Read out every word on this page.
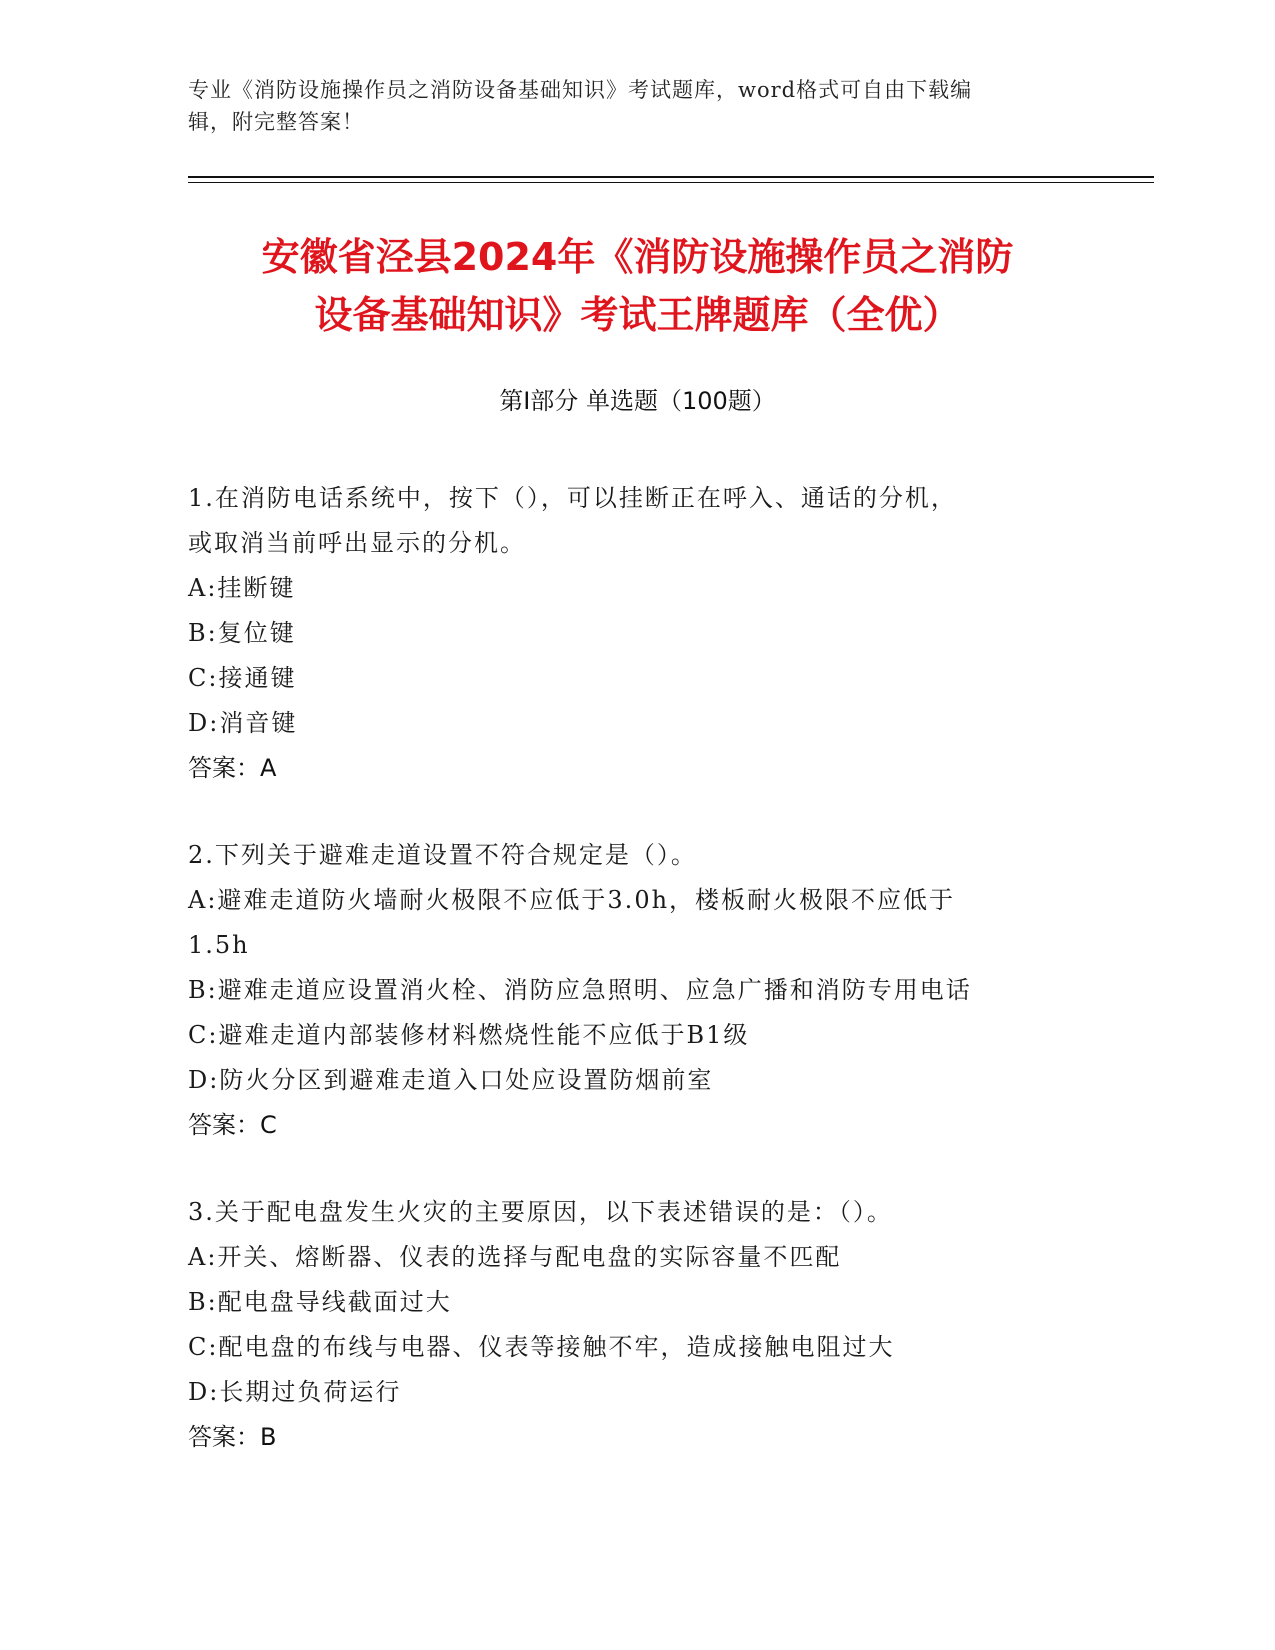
专业《消防设施操作员之消防设备基础知识》考试题库，word格式可自由下载编
辑，附完整答案！
安徽省泾县2024年《消防设施操作员之消防
设备基础知识》考试王牌题库（全优）
第Ⅰ部分 单选题（100题）
1.在消防电话系统中，按下（），可以挂断正在呼入、通话的分机，
或取消当前呼出显示的分机。
A:挂断键
B:复位键
C:接通键
D:消音键
答案：A
2.下列关于避难走道设置不符合规定是（）。
A:避难走道防火墙耐火极限不应低于3.0h，楼板耐火极限不应低于
1.5h
B:避难走道应设置消火栓、消防应急照明、应急广播和消防专用电话
C:避难走道内部装修材料燃烧性能不应低于B1级
D:防火分区到避难走道入口处应设置防烟前室
答案：C
3.关于配电盘发生火灾的主要原因，以下表述错误的是：（）。
A:开关、熔断器、仪表的选择与配电盘的实际容量不匹配
B:配电盘导线截面过大
C:配电盘的布线与电器、仪表等接触不牢，造成接触电阻过大
D:长期过负荷运行
答案：B
